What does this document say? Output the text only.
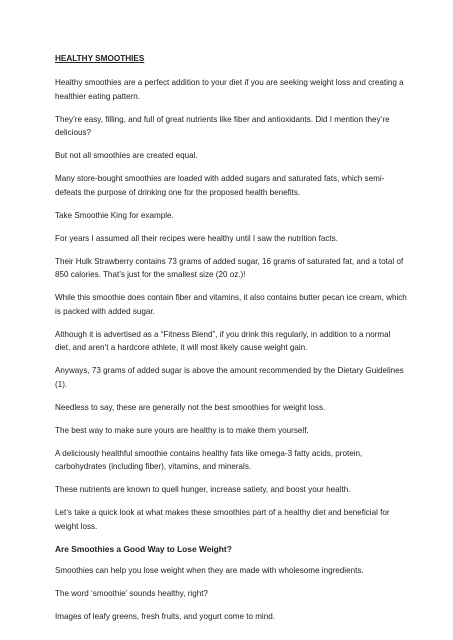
HEALTHY SMOOTHIES

Healthy smoothies are a perfect addition to your diet if you are seeking weight loss and creating a healthier eating pattern.

They’re easy, filling, and full of great nutrients like fiber and antioxidants. Did I mention they’re delicious?

But not all smoothies are created equal.

Many store-bought smoothies are loaded with added sugars and saturated fats, which semi-defeats the purpose of drinking one for the proposed health benefits.

Take Smoothie King for example.

For years I assumed all their recipes were healthy until I saw the nutrition facts.

Their Hulk Strawberry contains 73 grams of added sugar, 16 grams of saturated fat, and a total of 850 calories. That’s just for the smallest size (20 oz.)!

While this smoothie does contain fiber and vitamins, it also contains butter pecan ice cream, which is packed with added sugar.

Although it is advertised as a “Fitness Blend”, if you drink this regularly, in addition to a normal diet, and aren’t a hardcore athlete, it will most likely cause weight gain.

Anyways, 73 grams of added sugar is above the amount recommended by the Dietary Guidelines (1).

Needless to say, these are generally not the best smoothies for weight loss.

The best way to make sure yours are healthy is to make them yourself.

A deliciously healthful smoothie contains healthy fats like omega-3 fatty acids, protein, carbohydrates (including fiber), vitamins, and minerals.

These nutrients are known to quell hunger, increase satiety, and boost your health.

Let’s take a quick look at what makes these smoothies part of a healthy diet and beneficial for weight loss.

Are Smoothies a Good Way to Lose Weight?

Smoothies can help you lose weight when they are made with wholesome ingredients.

The word ‘smoothie’ sounds healthy, right?

Images of leafy greens, fresh fruits, and yogurt come to mind.
